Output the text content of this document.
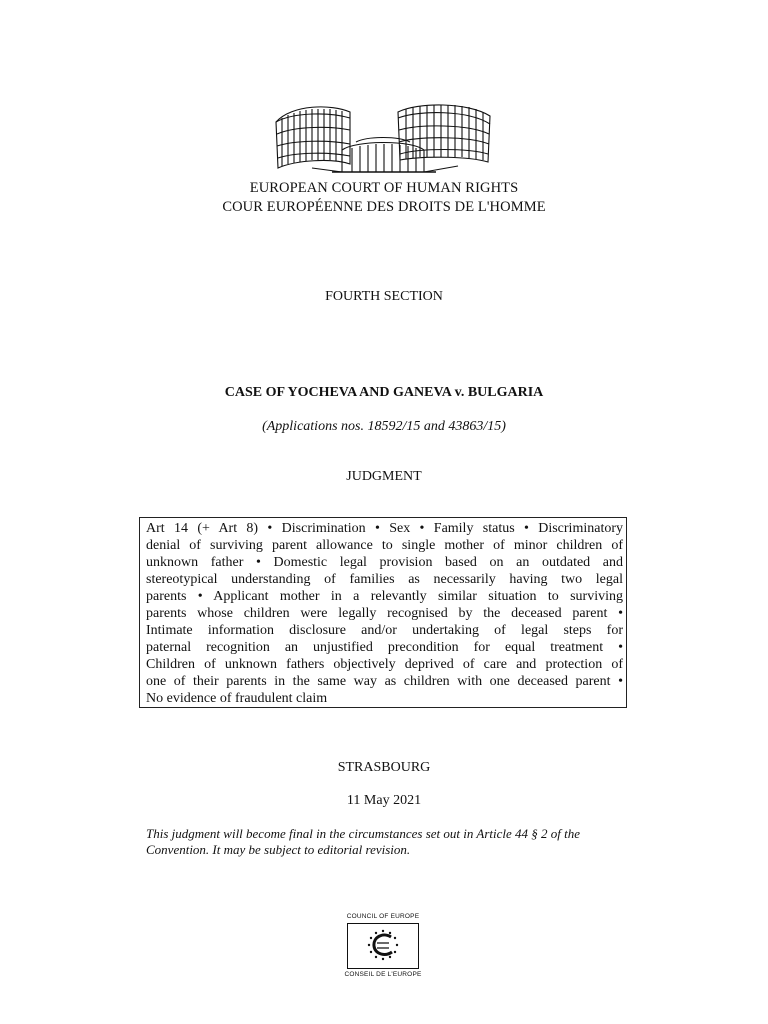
EUROPEAN COURT OF HUMAN RIGHTS
COUR EUROPÉENNE DES DROITS DE L'HOMME
FOURTH SECTION
CASE OF YOCHEVA AND GANEVA v. BULGARIA
(Applications nos. 18592/15 and 43863/15)
JUDGMENT
Art 14 (+ Art 8) • Discrimination • Sex • Family status • Discriminatory
denial of surviving parent allowance to single mother of minor children of
unknown father • Domestic legal provision based on an outdated and
stereotypical understanding of families as necessarily having two legal
parents • Applicant mother in a relevantly similar situation to surviving
parents whose children were legally recognised by the deceased parent •
Intimate information disclosure and/or undertaking of legal steps for
paternal recognition an unjustified precondition for equal treatment •
Children of unknown fathers objectively deprived of care and protection of
one of their parents in the same way as children with one deceased parent •
No evidence of fraudulent claim
STRASBOURG
11 May 2021
This judgment will become final in the circumstances set out in Article 44 § 2 of the Convention. It may be subject to editorial revision.
COUNCIL OF EUROPE
CONSEIL DE L'EUROPE
